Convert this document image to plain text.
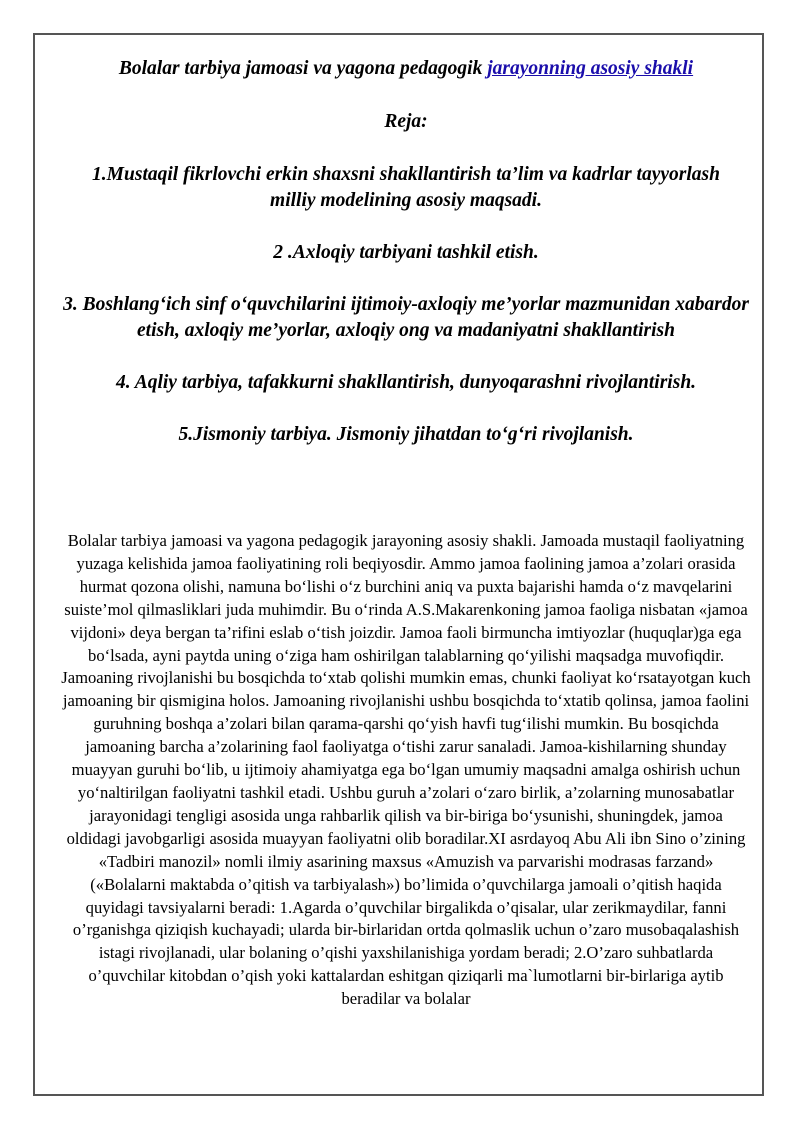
Bolalar tarbiya jamoasi va yagona pedagogik jarayonning asosiy shakli

Reja:

1.Mustaqil fikrlovchi erkin shaxsni shakllantirish ta’lim va kadrlar tayyorlash milliy modelining asosiy maqsadi.

2 .Axloqiy tarbiyani tashkil etish.

3. Boshlang‘ich sinf o‘quvchilarini ijtimoiy-axloqiy me’yorlar mazmunidan xabardor etish, axloqiy me’yorlar, axloqiy ong va madaniyatni shakllantirish

4. Aqliy tarbiya, tafakkurni shakllantirish, dunyoqarashni rivojlantirish.

5.Jismoniy tarbiya. Jismoniy jihatdan to‘g‘ri rivojlanish.

Bolalar tarbiya jamoasi va yagona pedagogik jarayoning asosiy shakli. Jamoada mustaqil faoliyatning yuzaga kelishida jamoa faoliyatining roli beqiyosdir. Ammo jamoa faolining jamoa a’zolari orasida hurmat qozona olishi, namuna bo‘lishi o‘z burchini aniq va puxta bajarishi hamda o‘z mavqelarini suiste’mol qilmasliklari juda muhimdir. Bu o‘rinda A.S.Makarenkoning jamoa faoliga nisbatan «jamoa vijdoni» deya bergan ta’rifini eslab o‘tish joizdir. Jamoa faoli birmuncha imtiyozlar (huquqlar)ga ega bo‘lsada, ayni paytda uning o‘ziga ham oshirilgan talablarning qo‘yilishi maqsadga muvofiqdir. Jamoaning rivojlanishi bu bosqichda to‘xtab qolishi mumkin emas, chunki faoliyat ko‘rsatayotgan kuch jamoaning bir qismigina holos. Jamoaning rivojlanishi ushbu bosqichda to‘xtatib qolinsa, jamoa faolini guruhning boshqa a’zolari bilan qarama-qarshi qo‘yish havfi tug‘ilishi mumkin. Bu bosqichda jamoaning barcha a’zolarining faol faoliyatga o‘tishi zarur sanaladi. Jamoa-kishilarning shunday muayyan guruhi bo‘lib, u ijtimoiy ahamiyatga ega bo‘lgan umumiy maqsadni amalga oshirish uchun yo‘naltirilgan faoliyatni tashkil etadi. Ushbu guruh a’zolari o‘zaro birlik, a’zolarning munosabatlar jarayonidagi tengligi asosida unga rahbarlik qilish va bir-biriga bo‘ysunishi, shuningdek, jamoa oldidagi javobgarligi asosida muayyan faoliyatni olib boradilar.XI asrdayoq Abu Ali ibn Sino o’zining «Tadbiri manozil» nomli ilmiy asarining maxsus «Amuzish va parvarishi modrasas farzand» («Bolalarni maktabda o’qitish va tarbiyalash») bo’limida o’quvchilarga jamoali o’qitish haqida quyidagi tavsiyalarni beradi: 1.Agarda o’quvchilar birgalikda o’qisalar, ular zerikmaydilar, fanni o’rganishga qiziqish kuchayadi; ularda bir-birlaridan ortda qolmaslik uchun o’zaro musobaqalashish istagi rivojlanadi, ular bolaning o’qishi yaxshilanishiga yordam beradi; 2.O’zaro suhbatlarda o’quvchilar kitobdan o’qish yoki kattalardan eshitgan qiziqarli ma`lumotlarni bir-birlariga aytib beradilar va bolalar
